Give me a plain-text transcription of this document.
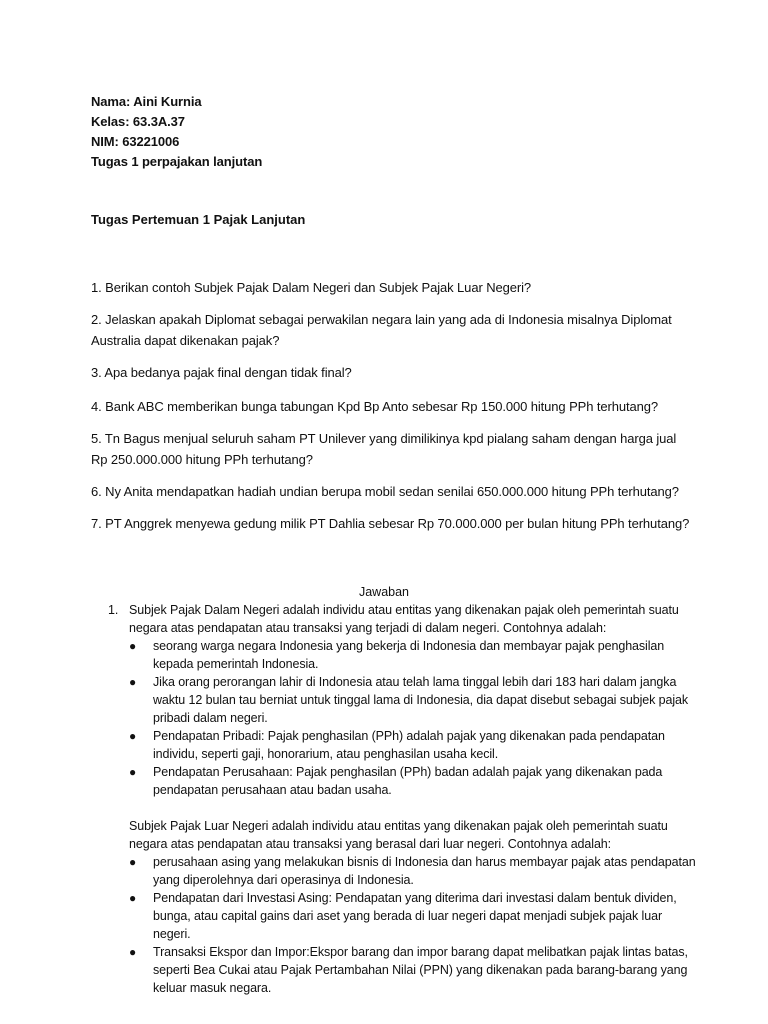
Nama: Aini Kurnia
Kelas: 63.3A.37
NIM: 63221006
Tugas 1 perpajakan lanjutan
Tugas Pertemuan 1 Pajak Lanjutan
1. Berikan contoh Subjek Pajak Dalam Negeri dan Subjek Pajak Luar Negeri?
2. Jelaskan apakah Diplomat sebagai perwakilan negara lain yang ada di Indonesia misalnya Diplomat Australia dapat dikenakan pajak?
3. Apa bedanya pajak final dengan tidak final?
4. Bank ABC memberikan bunga tabungan Kpd Bp Anto sebesar Rp 150.000 hitung PPh terhutang?
5. Tn Bagus menjual seluruh saham PT Unilever yang dimilikinya kpd pialang saham dengan harga jual Rp 250.000.000 hitung PPh terhutang?
6. Ny Anita mendapatkan hadiah undian berupa mobil sedan senilai 650.000.000 hitung PPh terhutang?
7. PT Anggrek menyewa gedung milik PT Dahlia sebesar Rp 70.000.000 per bulan hitung PPh terhutang?
Jawaban
1. Subjek Pajak Dalam Negeri adalah individu atau entitas yang dikenakan pajak oleh pemerintah suatu negara atas pendapatan atau transaksi yang terjadi di dalam negeri. Contohnya adalah:
● seorang warga negara Indonesia yang bekerja di Indonesia dan membayar pajak penghasilan kepada pemerintah Indonesia.
● Jika orang perorangan lahir di Indonesia atau telah lama tinggal lebih dari 183 hari dalam jangka waktu 12 bulan tau berniat untuk tinggal lama di Indonesia, dia dapat disebut sebagai subjek pajak pribadi dalam negeri.
● Pendapatan Pribadi: Pajak penghasilan (PPh) adalah pajak yang dikenakan pada pendapatan individu, seperti gaji, honorarium, atau penghasilan usaha kecil.
● Pendapatan Perusahaan: Pajak penghasilan (PPh) badan adalah pajak yang dikenakan pada pendapatan perusahaan atau badan usaha.
Subjek Pajak Luar Negeri adalah individu atau entitas yang dikenakan pajak oleh pemerintah suatu negara atas pendapatan atau transaksi yang berasal dari luar negeri. Contohnya adalah:
● perusahaan asing yang melakukan bisnis di Indonesia dan harus membayar pajak atas pendapatan yang diperolehnya dari operasinya di Indonesia.
● Pendapatan dari Investasi Asing: Pendapatan yang diterima dari investasi dalam bentuk dividen, bunga, atau capital gains dari aset yang berada di luar negeri dapat menjadi subjek pajak luar negeri.
● Transaksi Ekspor dan Impor:Ekspor barang dan impor barang dapat melibatkan pajak lintas batas, seperti Bea Cukai atau Pajak Pertambahan Nilai (PPN) yang dikenakan pada barang-barang yang keluar masuk negara.
